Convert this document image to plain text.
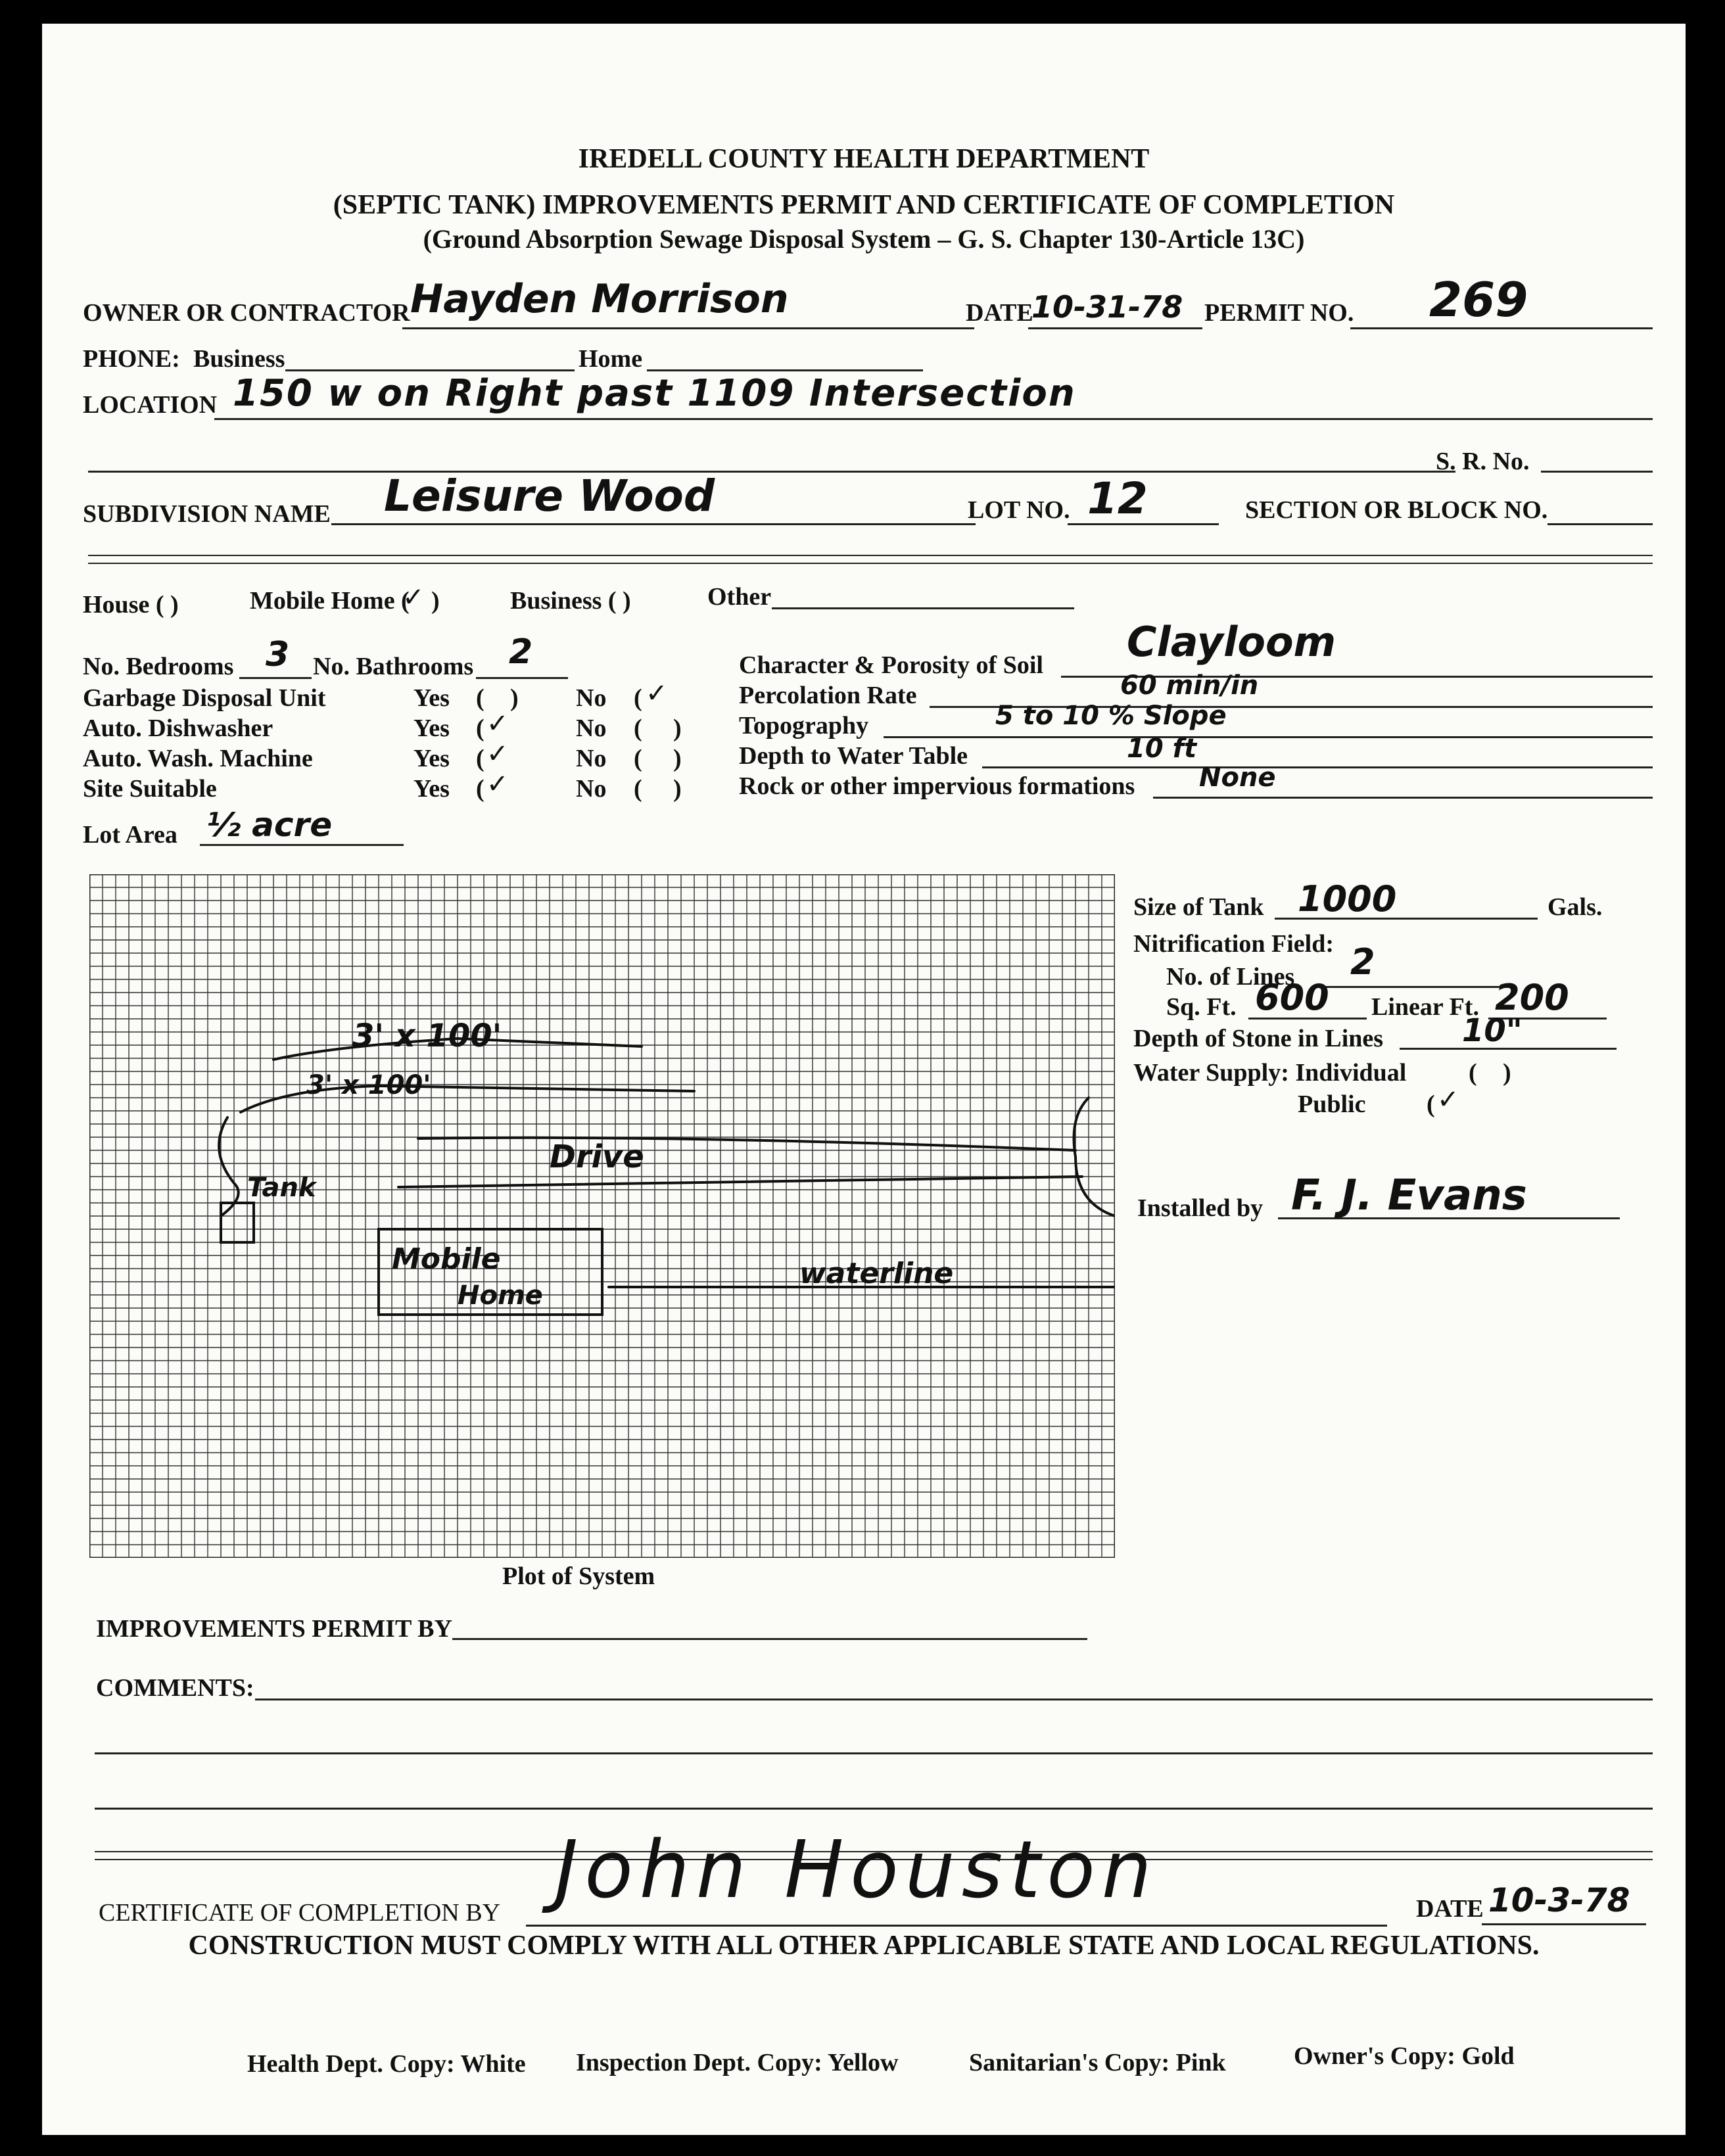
IREDELL COUNTY HEALTH DEPARTMENT
(SEPTIC TANK) IMPROVEMENTS PERMIT AND CERTIFICATE OF COMPLETION
(Ground Absorption Sewage Disposal System – G. S. Chapter 130-Article 13C)
OWNER OR CONTRACTOR Hayden Morrison	DATE
10-31-78 PERMIT NO. 269
PHONE: Business	Home
LOCATION 150 w on Right past 1109 Intersection
S. R. No.
SUBDIVISION NAME Leisure Wood	LOT NO. 12	SECTION OR BLOCK NO.
House ( )	Mobile Home (
✓ )	Business ( )	Other
No. Bedrooms 3 No. Bathrooms 2
Garbage Disposal Unit	Yes ( ) No ( ✓
Auto. Dishwasher	Yes ( ✓	No ( )
Auto. Wash. Machine	Yes ( ✓	No ( )
Site Suitable	Yes ( ✓	No ( )
Lot Area ½ acre
Character & Porosity of Soil Clayloom
Percolation Rate	60 min/in
Topography	5 to 10 % Slope
Depth to Water Table	10 ft
Rock or other impervious formations None
3' x 100'
3' x 100'
Tank
Drive
Mobile
Home
waterline
Plot of System
Size of Tank 1000	Gals.
Nitrification Field:
No. of Lines 2
Sq. Ft. 600 Linear Ft. 200
Depth of Stone in Lines 10"
Water Supply: Individual ( )
Public ( ✓
Installed by F. J. Evans
IMPROVEMENTS PERMIT BY
COMMENTS:
CERTIFICATE OF COMPLETION BY John Houston	DATE 10-3-78
CONSTRUCTION MUST COMPLY WITH ALL OTHER APPLICABLE STATE AND LOCAL REGULATIONS.
Health Dept. Copy: White Inspection Dept. Copy: Yellow	Sanitarian's Copy: Pink	Owner's Copy: Gold
